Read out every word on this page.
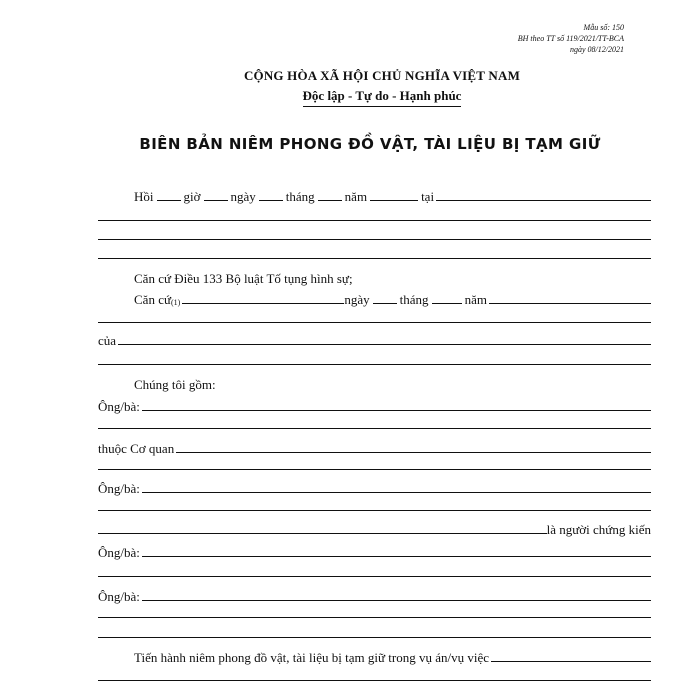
Mẫu số: 150
BH theo TT số 119/2021/TT-BCA
ngày 08/12/2021
CỘNG HÒA XÃ HỘI CHỦ NGHĨA VIỆT NAM
Độc lập - Tự do - Hạnh phúc
BIÊN BẢN NIÊM PHONG ĐỒ VẬT, TÀI LIỆU BỊ TẠM GIỮ
Hồi giờ ngày tháng năm	tại
Căn cứ Điều 133 Bộ luật Tố tụng hình sự;
Căn cứ (1)	ngày tháng	năm
của
Chúng tôi gồm:
Ông/bà:
thuộc Cơ quan
Ông/bà:
là người chứng kiến
Ông/bà:
Ông/bà:
Tiến hành niêm phong đồ vật, tài liệu bị tạm giữ trong vụ án/vụ việc
